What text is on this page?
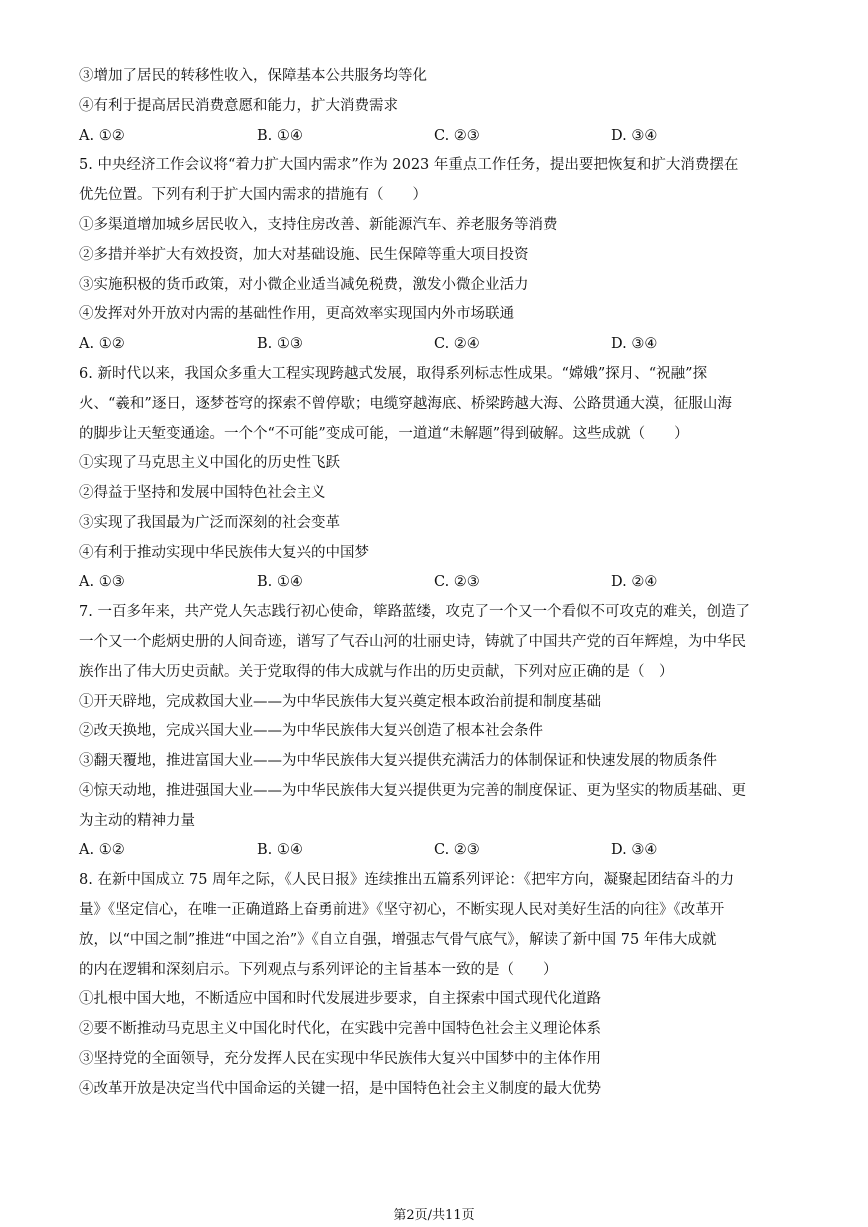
③增加了居民的转移性收入，保障基本公共服务均等化
④有利于提高居民消费意愿和能力，扩大消费需求
A. ①②	B. ①④	C. ②③	D. ③④
5. 中央经济工作会议将“着力扩大国内需求”作为 2023 年重点工作任务，提出要把恢复和扩大消费摆在
优先位置。下列有利于扩大国内需求的措施有（　　）
①多渠道增加城乡居民收入，支持住房改善、新能源汽车、养老服务等消费
②多措并举扩大有效投资，加大对基础设施、民生保障等重大项目投资
③实施积极的货币政策，对小微企业适当减免税费，激发小微企业活力
④发挥对外开放对内需的基础性作用，更高效率实现国内外市场联通
A. ①②	B. ①③	C. ②④	D. ③④
6. 新时代以来，我国众多重大工程实现跨越式发展，取得系列标志性成果。“嫦娥”探月、“祝融”探
火、“羲和”逐日，逐梦苍穹的探索不曾停歇；电缆穿越海底、桥梁跨越大海、公路贯通大漠，征服山海
的脚步让天堑变通途。一个个“不可能”变成可能，一道道“未解题”得到破解。这些成就（　　）
①实现了马克思主义中国化的历史性飞跃
②得益于坚持和发展中国特色社会主义
③实现了我国最为广泛而深刻的社会变革
④有利于推动实现中华民族伟大复兴的中国梦
A. ①③	B. ①④	C. ②③	D. ②④
7. 一百多年来，共产党人矢志践行初心使命，筚路蓝缕，攻克了一个又一个看似不可攻克的难关，创造了
一个又一个彪炳史册的人间奇迹，谱写了气吞山河的壮丽史诗，铸就了中国共产党的百年辉煌，为中华民
族作出了伟大历史贡献。关于党取得的伟大成就与作出的历史贡献，下列对应正确的是（　）
①开天辟地，完成救国大业——为中华民族伟大复兴奠定根本政治前提和制度基础
②改天换地，完成兴国大业——为中华民族伟大复兴创造了根本社会条件
③翻天覆地，推进富国大业——为中华民族伟大复兴提供充满活力的体制保证和快速发展的物质条件
④惊天动地，推进强国大业——为中华民族伟大复兴提供更为完善的制度保证、更为坚实的物质基础、更
为主动的精神力量
A. ①②	B. ①④	C. ②③	D. ③④
8. 在新中国成立 75 周年之际，《人民日报》连续推出五篇系列评论：《把牢方向，凝聚起团结奋斗的力
量》《坚定信心，在唯一正确道路上奋勇前进》《坚守初心，不断实现人民对美好生活的向往》《改革开
放，以“中国之制”推进“中国之治”》《自立自强，增强志气骨气底气》，解读了新中国 75 年伟大成就
的内在逻辑和深刻启示。下列观点与系列评论的主旨基本一致的是（　　）
①扎根中国大地，不断适应中国和时代发展进步要求，自主探索中国式现代化道路
②要不断推动马克思主义中国化时代化，在实践中完善中国特色社会主义理论体系
③坚持党的全面领导，充分发挥人民在实现中华民族伟大复兴中国梦中的主体作用
④改革开放是决定当代中国命运的关键一招，是中国特色社会主义制度的最大优势
第2页/共11页
